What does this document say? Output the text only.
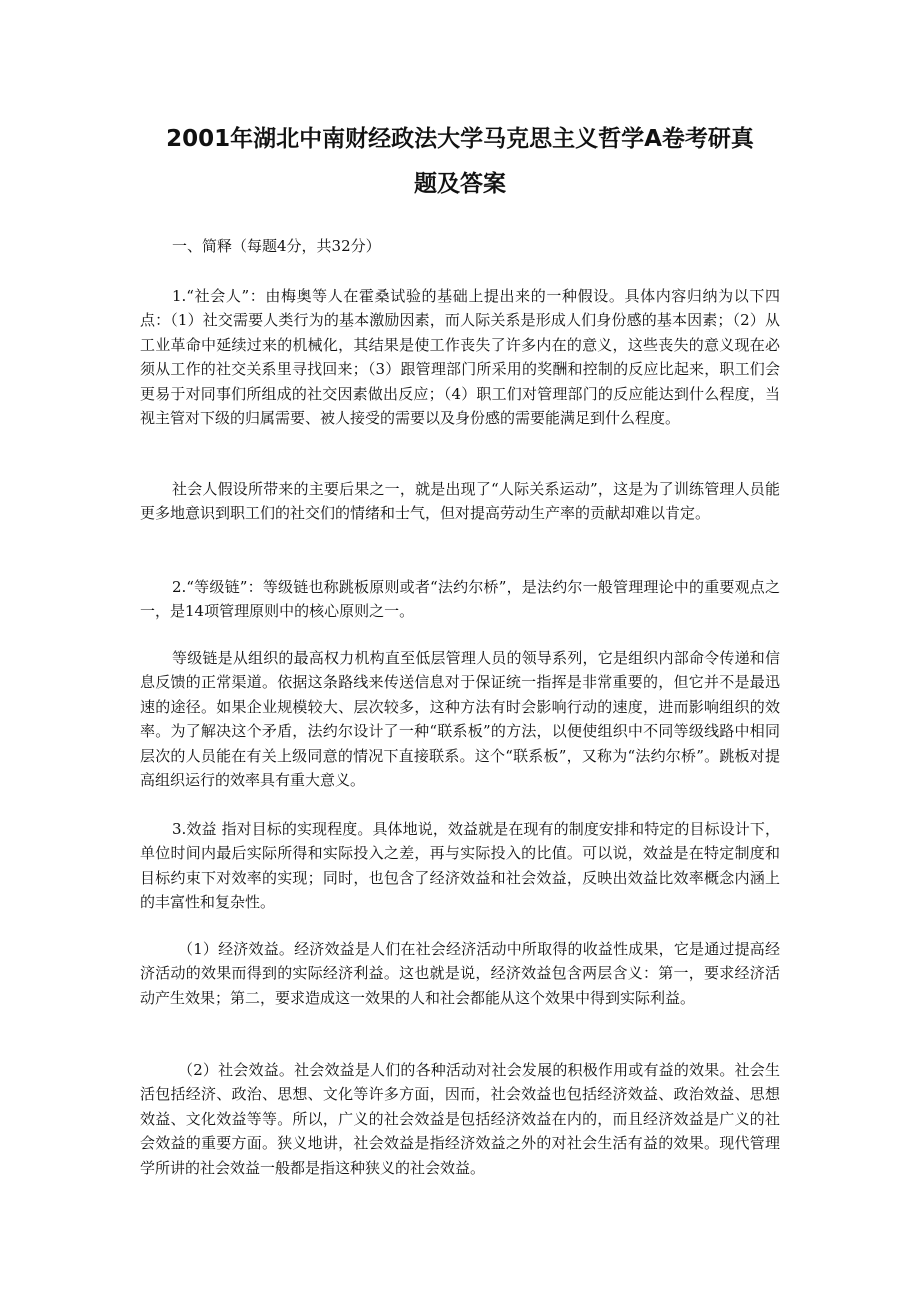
2001年湖北中南财经政法大学马克思主义哲学A卷考研真
题及答案

一、简释（每题4分，共32分）

1.“社会人”：由梅奥等人在霍桑试验的基础上提出来的一种假设。具体内容归纳为以下四点：（1）社交需要人类行为的基本激励因素，而人际关系是形成人们身份感的基本因素；（2）从工业革命中延续过来的机械化，其结果是使工作丧失了许多内在的意义，这些丧失的意义现在必须从工作的社交关系里寻找回来；（3）跟管理部门所采用的奖酬和控制的反应比起来，职工们会更易于对同事们所组成的社交因素做出反应；（4）职工们对管理部门的反应能达到什么程度，当视主管对下级的归属需要、被人接受的需要以及身份感的需要能满足到什么程度。

社会人假设所带来的主要后果之一，就是出现了“人际关系运动”，这是为了训练管理人员能更多地意识到职工们的社交们的情绪和士气，但对提高劳动生产率的贡献却难以肯定。

2.“等级链”：等级链也称跳板原则或者“法约尔桥”，是法约尔一般管理理论中的重要观点之一，是14项管理原则中的核心原则之一。

等级链是从组织的最高权力机构直至低层管理人员的领导系列，它是组织内部命令传递和信息反馈的正常渠道。依据这条路线来传送信息对于保证统一指挥是非常重要的，但它并不是最迅速的途径。如果企业规模较大、层次较多，这种方法有时会影响行动的速度，进而影响组织的效率。为了解决这个矛盾，法约尔设计了一种“联系板”的方法，以便使组织中不同等级线路中相同层次的人员能在有关上级同意的情况下直接联系。这个“联系板”，又称为“法约尔桥”。跳板对提高组织运行的效率具有重大意义。

3.效益 指对目标的实现程度。具体地说，效益就是在现有的制度安排和特定的目标设计下，单位时间内最后实际所得和实际投入之差，再与实际投入的比值。可以说，效益是在特定制度和目标约束下对效率的实现；同时，也包含了经济效益和社会效益，反映出效益比效率概念内涵上的丰富性和复杂性。

（1）经济效益。经济效益是人们在社会经济活动中所取得的收益性成果，它是通过提高经济活动的效果而得到的实际经济利益。这也就是说，经济效益包含两层含义：第一，要求经济活动产生效果；第二，要求造成这一效果的人和社会都能从这个效果中得到实际利益。

（2）社会效益。社会效益是人们的各种活动对社会发展的积极作用或有益的效果。社会生活包括经济、政治、思想、文化等许多方面，因而，社会效益也包括经济效益、政治效益、思想效益、文化效益等等。所以，广义的社会效益是包括经济效益在内的，而且经济效益是广义的社会效益的重要方面。狭义地讲，社会效益是指经济效益之外的对社会生活有益的效果。现代管理学所讲的社会效益一般都是指这种狭义的社会效益。
